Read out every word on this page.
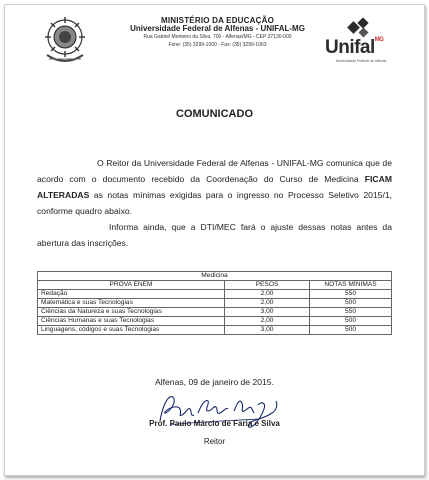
MINISTÉRIO DA EDUCAÇÃO
Universidade Federal de Alfenas - UNIFAL-MG
Rua Gabriel Monteiro da Silva, 700 - Alfenas/MG - CEP 37130-000
Fone: (35) 3299-1000 - Fax: (35) 3299-1063	Unifal$^{MG}$
Universidade Federal de Alfenas
COMUNICADO

O Reitor da Universidade Federal de Alfenas - UNIFAL-MG comunica que de acordo com o documento recebido da Coordenação do Curso de Medicina FICAM ALTERADAS as notas mínimas exigidas para o ingresso no Processo Seletivo 2015/1, conforme quadro abaixo.

Informa ainda, que a DTI/MEC fará o ajuste dessas notas antes da abertura das inscrições.

Medicina		
PROVA ENEM	PESOS	NOTAS MÍNIMAS
Redação	2,00	550
Matemática e suas Tecnologias	2,00	500
Ciências da Natureza e suas Tecnologias	3,00	550
Ciências Humanas e suas Tecnologias	2,00	500
Linguagens, códigos e suas Tecnologias	3,00	500
Alfenas, 09 de janeiro de 2015.
Prof. Paulo Márcio de Faria e Silva
Reitor
